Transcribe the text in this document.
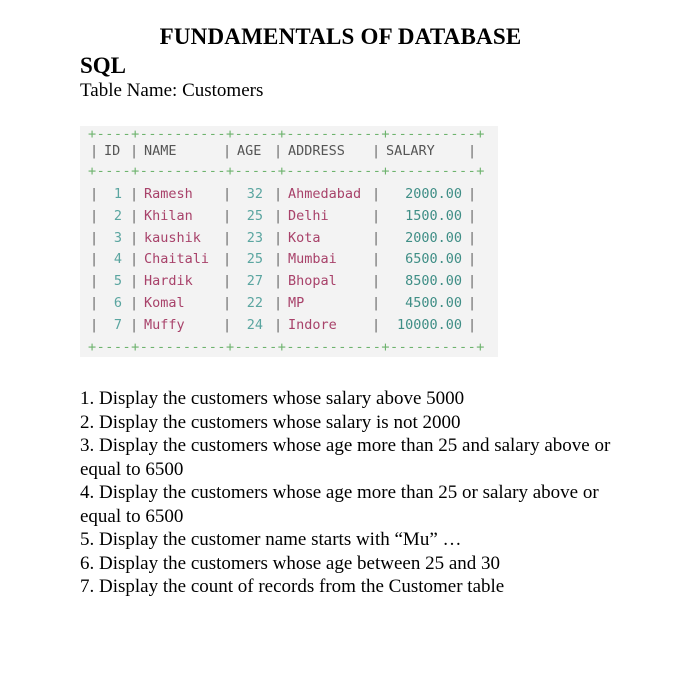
FUNDAMENTALS OF DATABASE
SQL
Table Name: Customers
+----+----------+-----+-----------+----------+
| ID | NAME	| AGE | ADDRESS | SALARY |
+----+----------+-----+-----------+----------+
| |	|	|	|	|
1 Ramesh	32 Ahmedabad	2000.00
| |	|	|	|	|
2 Khilan	25 Delhi	1500.00
| |	|	|	|	|
3 kaushik	23 Kota	2000.00
| |	|	|	|	|
4 Chaitali	25 Mumbai	6500.00
| |	|	|	|	|
5 Hardik	27 Bhopal	8500.00
| |	|	|	|	|
6 Komal	22 MP	4500.00
| |	|	|	|	|
7 Muffy	24 Indore	10000.00
+----+----------+-----+-----------+----------+
1. Display the customers whose salary above 5000
2. Display the customers whose salary is not 2000
3. Display the customers whose age more than 25 and salary above or equal to 6500
4. Display the customers whose age more than 25 or salary above or equal to 6500
5. Display the customer name starts with “Mu” …
6. Display the customers whose age between 25 and 30
7. Display the count of records from the Customer table
